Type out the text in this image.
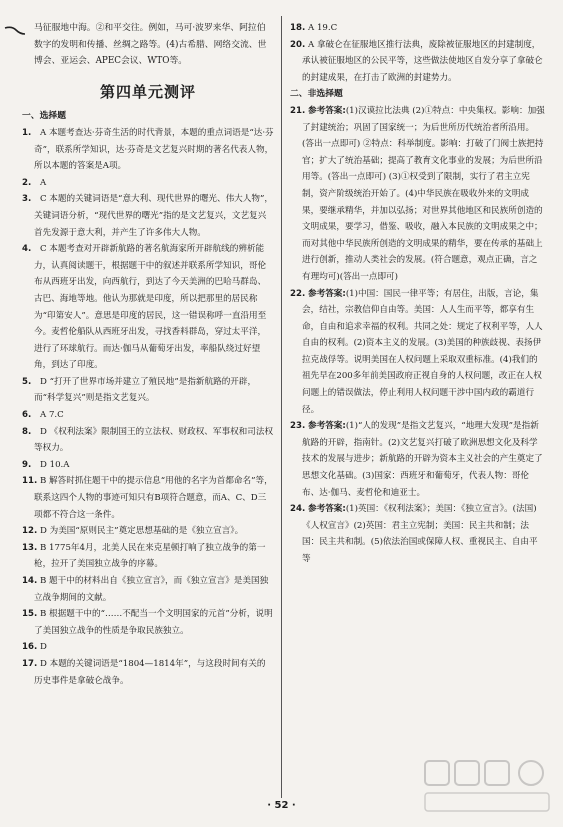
马征服地中海。②和平交往。例如，马可·波罗来华、阿拉伯数字的发明和传播、丝绸之路等。(4)古希腊、网络交流、世博会、亚运会、APEC会议、WTO等。

第四单元测评
一、选择题
1. A 本题考查达·芬奇生活的时代背景，本题的重点词语是“达·芬奇”，联系所学知识，达·芬奇是文艺复兴时期的著名代表人物，所以本题的答案是A项。
2. A
3. C 本题的关键词语是“意大利、现代世界的曙光、伟大人物”，关键词语分析，“现代世界的曙光”指的是文艺复兴，文艺复兴首先发源于意大利，并产生了许多伟大人物。
4. C 本题考查对开辟新航路的著名航海家所开辟航线的辨析能力，认真阅读题干，根据题干中的叙述并联系所学知识，哥伦布从西班牙出发，向西航行，到达了今天美洲的巴哈马群岛、古巴、海地等地。他认为那就是印度，所以把那里的居民称为“印第安人”。意思是印度的居民，这一错误称呼一直沿用至今。麦哲伦船队从西班牙出发，寻找香料群岛，穿过太平洋，进行了环球航行。而达·伽马从葡萄牙出发，率船队绕过好望角，到达了印度。
5. D “打开了世界市场并建立了殖民地”是指新航路的开辟，而“科学复兴”则是指文艺复兴。
6. A 7.C
8. D 《权利法案》限制国王的立法权、财政权、军事权和司法权等权力。
9. D 10.A
11. B 解答时抓住题干中的提示信息“用他的名字为首都命名”等，联系这四个人物的事迹可知只有B项符合题意，而A、C、D三项都不符合这一条件。
12. D 为美国“原则民主”奠定思想基础的是《独立宣言》。
13. B 1775年4月，北美人民在来克星顿打响了独立战争的第一枪，拉开了美国独立战争的序幕。
14. B 题干中的材料出自《独立宣言》，而《独立宣言》是美国独立战争期间的文献。
15. B 根据题干中的“……不配当一个文明国家的元首”分析，说明了美国独立战争的性质是争取民族独立。
16. D
17. D 本题的关键词语是“1804—1814年”，与这段时间有关的历史事件是拿破仑战争。
18. A 19.C
20. A 拿破仑在征服地区推行法典，废除被征服地区的封建制度，承认被征服地区的公民平等，这些做法使地区自发分享了拿破仑的封建成果，在打击了欧洲的封建势力。
二、非选择题
21. 参考答案:(1)汉谟拉比法典 (2)①特点：中央集权。影响：加强了封建统治；巩固了国家统一；为后世所历代统治者所沿用。(答出一点即可) ②特点：科举制度。影响：打破了门阀士族把持官；扩大了统治基础；提高了教育文化事业的发展；为后世所沿用等。(答出一点即可) (3)①权受到了限制，实行了君主立宪制，资产阶级统治开始了。(4)中华民族在吸收外来的文明成果，要继承精华，并加以弘扬；对世界其他地区和民族所创造的文明成果，要学习，借鉴、吸收，融入本民族的文明成果之中；而对其他中华民族所创造的文明成果的精华，要在传承的基础上进行创新，推动人类社会的发展。(符合题意，观点正确，言之有理均可)(答出一点即可)
22. 参考答案:(1)中国：国民一律平等；有居住，出版，言论，集会，结社，宗教信仰自由等。美国：人人生而平等，都享有生命，自由和追求幸福的权利。共同之处：规定了权利平等，人人自由的权利。(2)资本主义的发展。(3)美国的种族歧视、表扬伊拉克战俘等。说明美国在人权问题上采取双重标准。(4)我们的祖先早在200多年前美国政府正视自身的人权问题，改正在人权问题上的错误做法，停止利用人权问题干涉中国内政的霸道行径。
23. 参考答案:(1)“人的发现”是指文艺复兴，“地理大发现”是指新航路的开辟，指南针。(2)文艺复兴打破了欧洲思想文化及科学技术的发展与进步；新航路的开辟为资本主义社会的产生奠定了思想文化基础。(3)国家：西班牙和葡萄牙，代表人物：哥伦布、达·伽马、麦哲伦和迪亚士。
24. 参考答案:(1)英国：《权利法案》；美国：《独立宣言》。(法国)《人权宣言》(2)英国：君主立宪制；美国：民主共和制；法国：民主共和制。(5)依法治国或保障人权、重视民主、自由平等
· 52 ·
